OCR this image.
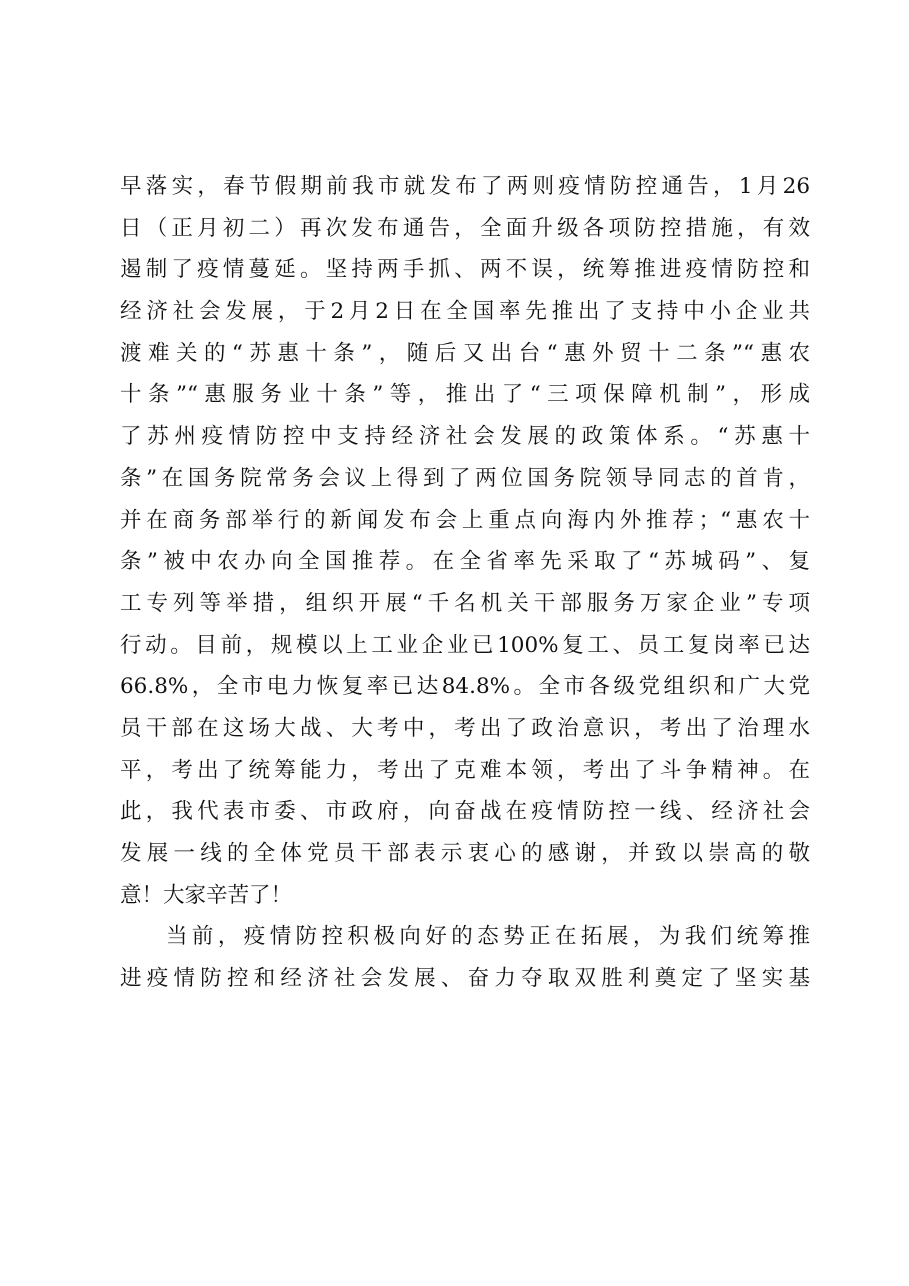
早落实，春节假期前我市就发布了两则疫情防控通告，1月26
日（正月初二）再次发布通告，全面升级各项防控措施，有效
遏制了疫情蔓延。坚持两手抓、两不误，统筹推进疫情防控和
经济社会发展，于2月2日在全国率先推出了支持中小企业共
渡难关的“苏惠十条”，随后又出台“惠外贸十二条”“惠农
十条”“惠服务业十条”等，推出了“三项保障机制”，形成
了苏州疫情防控中支持经济社会发展的政策体系。“苏惠十
条”在国务院常务会议上得到了两位国务院领导同志的首肯，
并在商务部举行的新闻发布会上重点向海内外推荐；“惠农十
条”被中农办向全国推荐。在全省率先采取了“苏城码”、复
工专列等举措，组织开展“千名机关干部服务万家企业”专项
行动。目前，规模以上工业企业已100%复工、员工复岗率已达
66.8%，全市电力恢复率已达84.8%。全市各级党组织和广大党
员干部在这场大战、大考中，考出了政治意识，考出了治理水
平，考出了统筹能力，考出了克难本领，考出了斗争精神。在
此，我代表市委、市政府，向奋战在疫情防控一线、经济社会
发展一线的全体党员干部表示衷心的感谢，并致以崇高的敬
意！大家辛苦了！
当前，疫情防控积极向好的态势正在拓展，为我们统筹推
进疫情防控和经济社会发展、奋力夺取双胜利奠定了坚实基
